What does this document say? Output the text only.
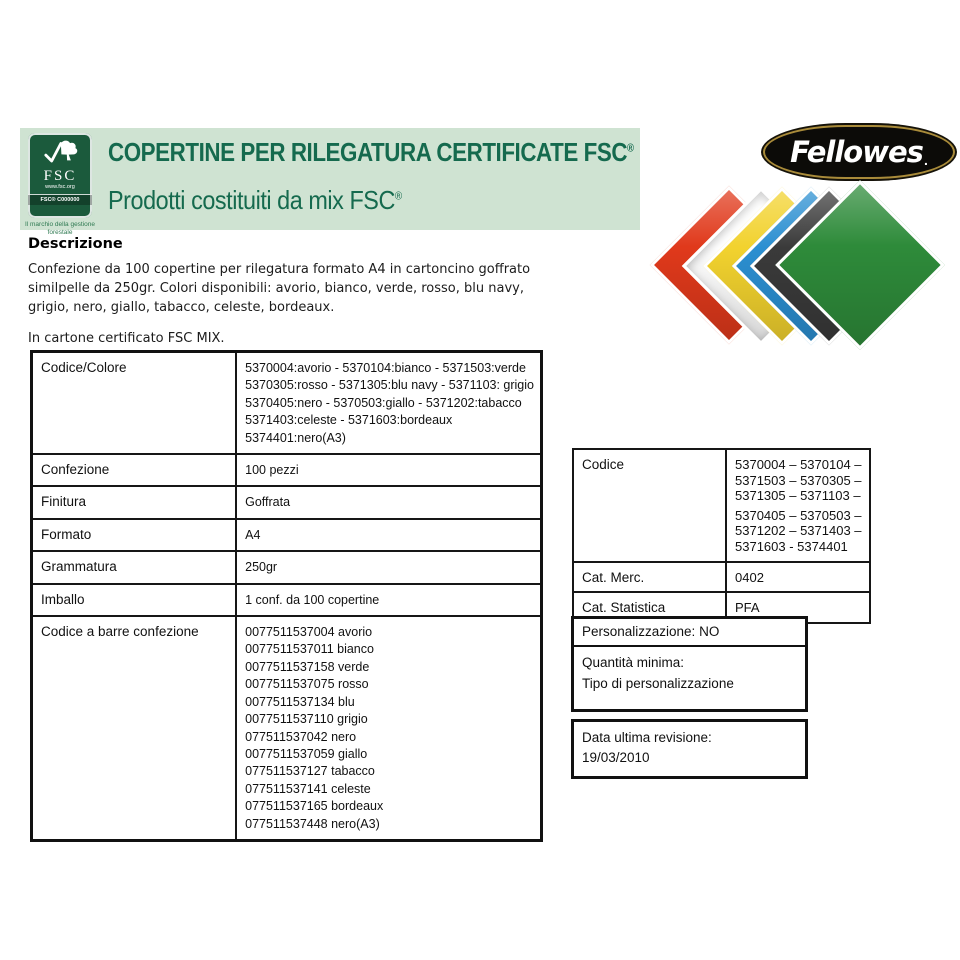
FSC
www.fsc.org
FSC® C000000
Il marchio della gestione forestale
COPERTINE PER RILEGATURA CERTIFICATE FSC®
Prodotti costituiti da mix FSC®
Fellowes .
Descrizione

Confezione da 100 copertine per rilegatura formato A4 in cartoncino goffrato similpelle da 250gr. Colori disponibili: avorio, bianco, verde, rosso, blu navy, grigio, nero, giallo, tabacco, celeste, bordeaux.

In cartone certificato FSC MIX.

Codice/Colore	5370004:avorio - 5370104:bianco - 5371503:verde
5370305:rosso - 5371305:blu navy - 5371103: grigio
5370405:nero - 5370503:giallo - 5371202:tabacco
5371403:celeste - 5371603:bordeaux
5374401:nero(A3)

Confezione	100 pezzi

Finitura	Goffrata

Formato	A4

Grammatura	250gr

Imballo	1 conf. da 100 copertine

Codice a barre confezione	0077511537004 avorio
0077511537011 bianco
0077511537158 verde
0077511537075 rosso
0077511537134 blu
0077511537110 grigio
077511537042 nero
0077511537059 giallo
077511537127 tabacco
077511537141 celeste
077511537165 bordeaux
077511537448 nero(A3)
Codice	5370004 – 5370104 –
5371503 – 5370305 –
5371305 – 5371103 –
5370405 – 5370503 –
5371202 – 5371403 –
5371603 - 5374401

Cat. Merc.	0402

Cat. Statistica	PFA
Personalizzazione: NO
Quantità minima:
Tipo di personalizzazione
Data ultima revisione:
19/03/2010
